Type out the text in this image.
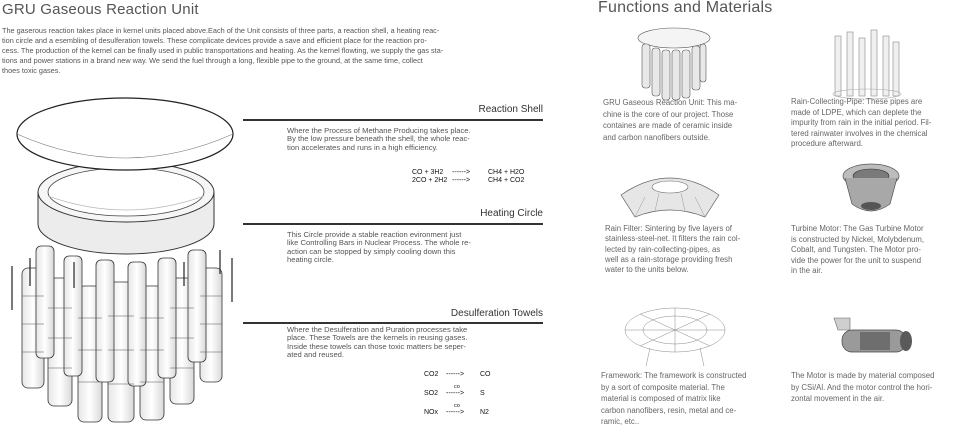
GRU Gaseous Reaction Unit
The gaserous reaction takes place in kernel units placed above.Each of the Unit consists of three parts, a reaction shell, a heating reac-
tion circle and a esembling of desulferation towels. These complicate devices provide a save and efficient place for the reaction pro-
cess. The production of the kernel can be finally used in public transportations and heating. As the kernel flowting, we supply the gas sta-
tions and power stations in a brand new way. We send the fuel through a long, flexible pipe to the ground, at the same time, collect
thoes toxic gases.
Reaction Shell
Where the Process of Methane Producing takes place.
By the low pressure beneath the shell, the whole reac-
tion accelerates and runs in a high efficiency.
CO + 3H2 ------>	CH4 + H2O
2CO + 2H2 ------>	CH4 + CO2
Heating Circle
This Circle provide a stable reaction evironment just
like Controlling Bars in Nuclear Process. The whole re-
action can be stopped by simply cooling down this
heating circle.
Desulferation Towels
Where the Desulferation and Puration processes take
place. These Towels are the kernels in reusing gases.
Inside these towels can those toxic matters be seper-
ated and reused.
CO2 ------> CO
SO2
co
------> S
NOx
co
------> N2
Functions and Materials
GRU Gaseous Reaction Unit: This ma-
chine is the core of our project. Those
containes are made of ceramic inside
and carbon nanofibers outside.
Rain-Collecting-Pipe: These pipes are
made of LDPE, which can deplete the
impurity from rain in the initial period. Fil-
tered rainwater involves in the chemical
procedure afterward.
Rain Filter: Sintering by five layers of
stainless-steel-net. It filters the rain col-
lected by rain-collecting-pipes, as
well as a rain-storage providing fresh
water to the units below.
Turbine Motor: The Gas Turbine Motor
is constructed by Nickel, Molybdenum,
Cobalt, and Tungsten. The Motor pro-
vide the power for the unit to suspend
in the air.
Framework: The framework is constructed
by a sort of composite material. The
material is composed of matrix like
carbon nanofibers, resin, metal and ce-
ramic, etc..
The Motor is made by material composed
by CSi/Al. And the motor control the hori-
zontal movement in the air.
